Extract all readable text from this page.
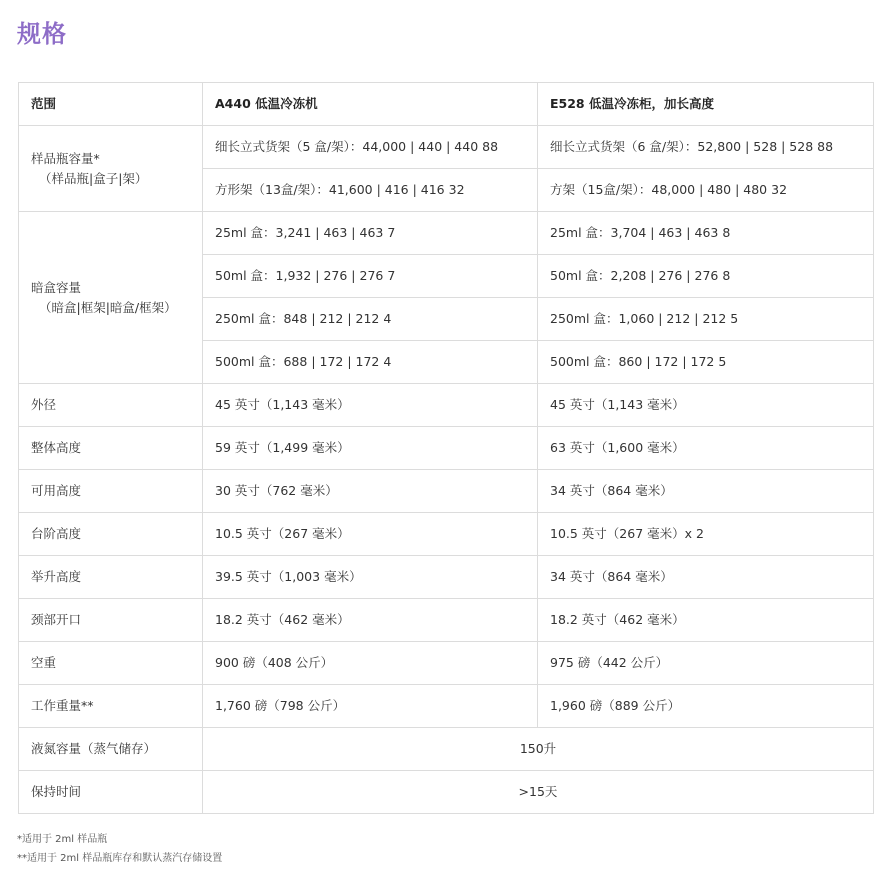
规格
范围	A440 低温冷冻机	E528 低温冷冻柜，加长高度
样品瓶容量*
（样品瓶|盒子|架）	细长立式货架（5 盒/架）：44,000 | 440 | 440 88	细长立式货架（6 盒/架）：52,800 | 528 | 528 88
	方形架（13盒/架）：41,600 | 416 | 416 32	方架（15盒/架）：48,000 | 480 | 480 32
暗盒容量
（暗盒|框架|暗盒/框架）	25ml 盒：3,241 | 463 | 463 7	25ml 盒：3,704 | 463 | 463 8
	50ml 盒：1,932 | 276 | 276 7	50ml 盒：2,208 | 276 | 276 8
	250ml 盒：848 | 212 | 212 4	250ml 盒：1,060 | 212 | 212 5
	500ml 盒：688 | 172 | 172 4	500ml 盒：860 | 172 | 172 5
外径	45 英寸（1,143 毫米）	45 英寸（1,143 毫米）
整体高度	59 英寸（1,499 毫米）	63 英寸（1,600 毫米）
可用高度	30 英寸（762 毫米）	34 英寸（864 毫米）
台阶高度	10.5 英寸（267 毫米）	10.5 英寸（267 毫米）x 2
举升高度	39.5 英寸（1,003 毫米）	34 英寸（864 毫米）
颈部开口	18.2 英寸（462 毫米）	18.2 英寸（462 毫米）
空重	900 磅（408 公斤）	975 磅（442 公斤）
工作重量**	1,760 磅（798 公斤）	1,960 磅（889 公斤）
液氮容量（蒸气储存）	150升	
保持时间	>15天	
*适用于 2ml 样品瓶
**适用于 2ml 样品瓶库存和默认蒸汽存储设置
